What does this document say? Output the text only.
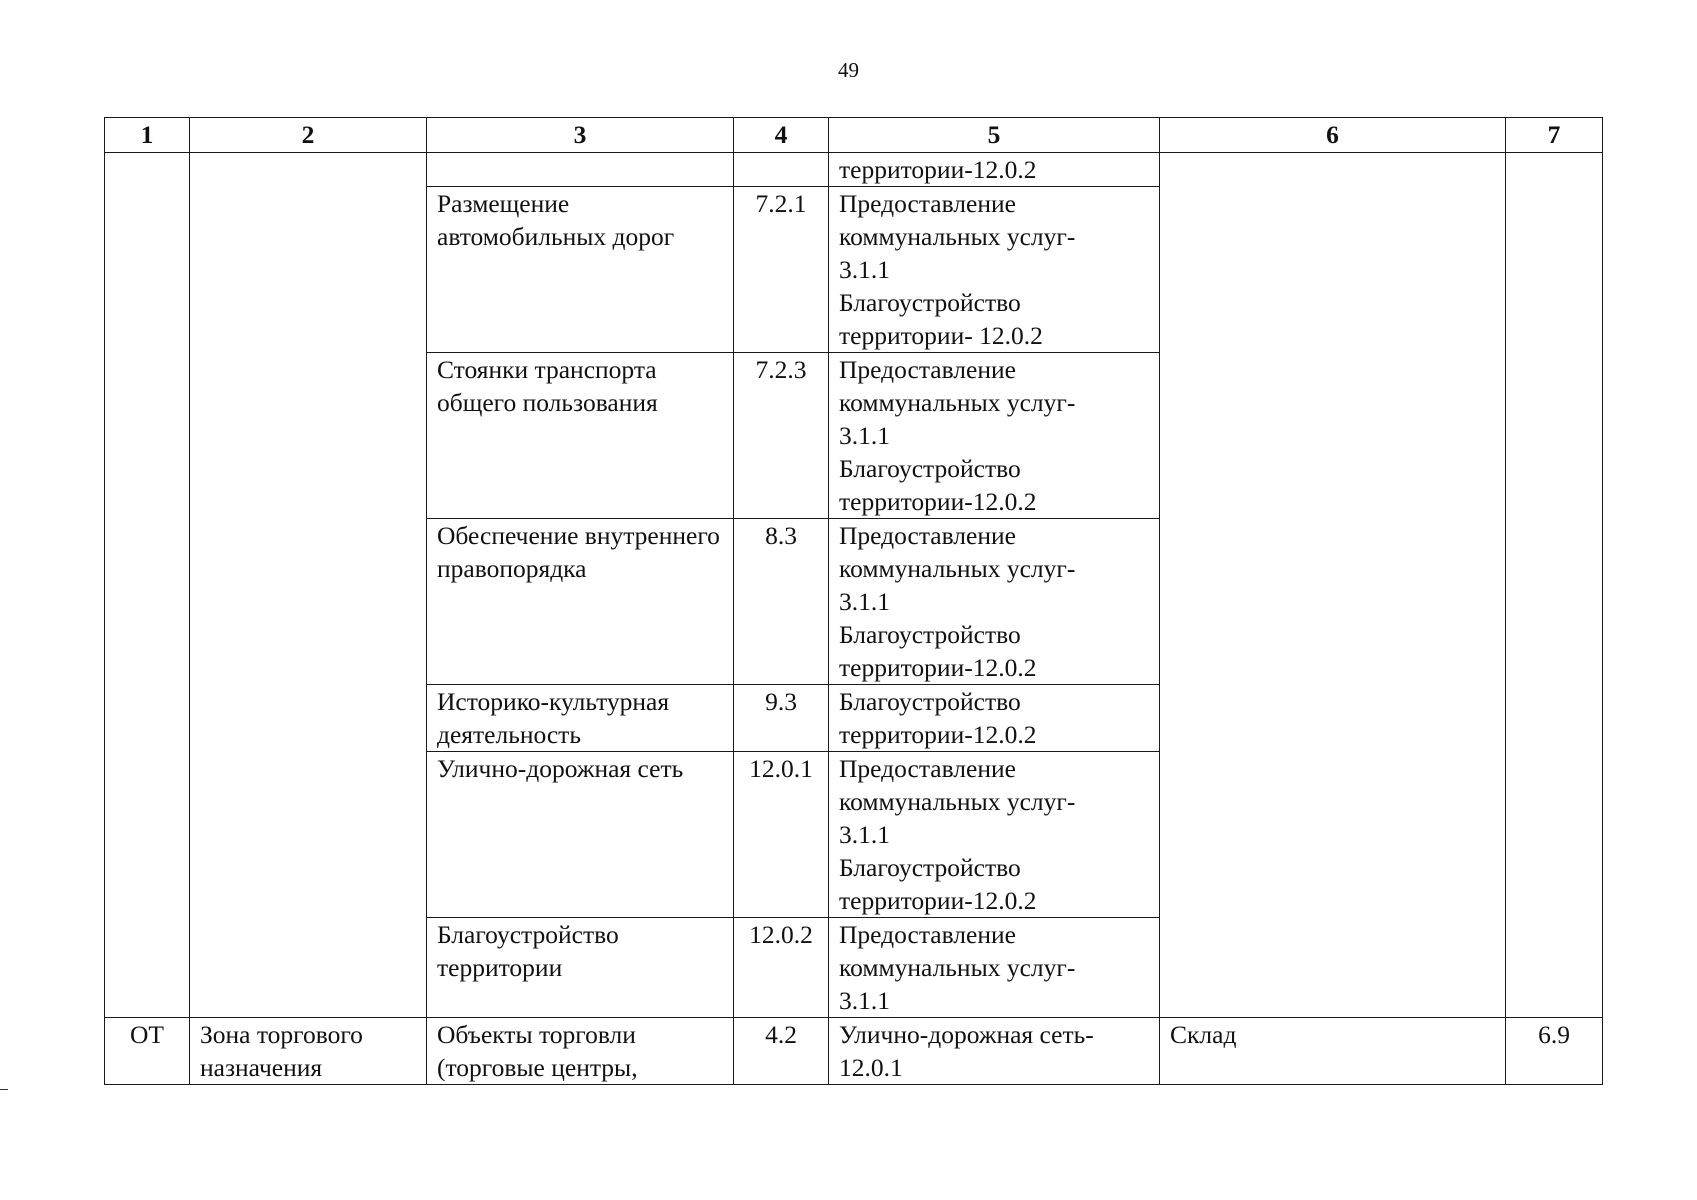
49
1	2	3	4	5	6	7
				территории-12.0.2		
		Размещение автомобильных дорог	7.2.1	Предоставление
коммунальных услуг-
3.1.1
Благоустройство
территории- 12.0.2		

		Стоянки транспорта общего пользования	7.2.3	Предоставление
коммунальных услуг-
3.1.1
Благоустройство
территории-12.0.2		

		Обеспечение внутреннего правопорядка	8.3	Предоставление
коммунальных услуг-
3.1.1
Благоустройство
территории-12.0.2		

		Историко-культурная деятельность	9.3	Благоустройство
территории-12.0.2		

		Улично-дорожная сеть	12.0.1	Предоставление
коммунальных услуг-
3.1.1
Благоустройство
территории-12.0.2		

		Благоустройство территории	12.0.2	Предоставление
коммунальных услуг-
3.1.1		

ОТ	Зона торгового назначения	Объекты торговли (торговые центры,	4.2	Улично-дорожная сеть-
12.0.1	Склад	6.9
